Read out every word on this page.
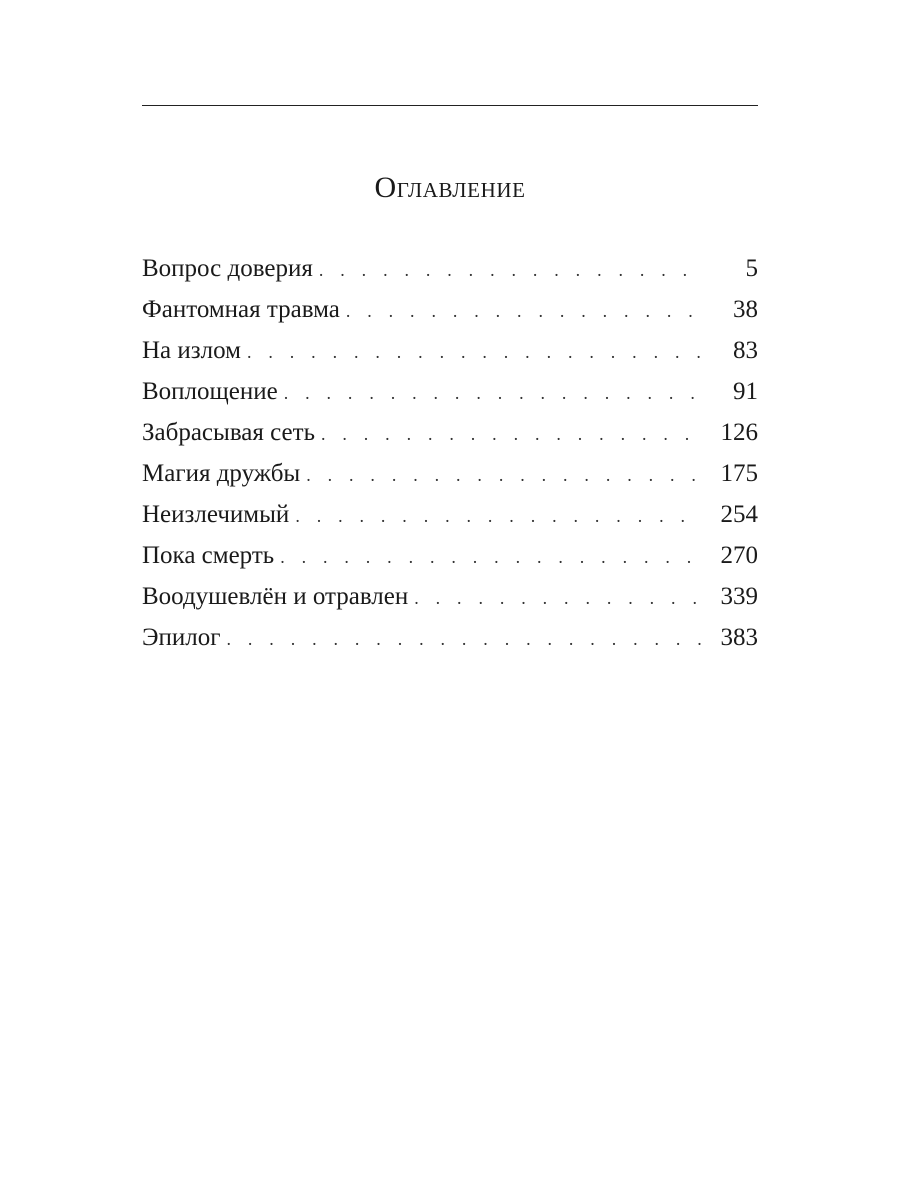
Оглавление
Вопрос доверия . . .	5
Фантомная травма . . .	38
На излом . . .	83
Воплощение . . .	91
Забрасывая сеть . . .	126
Магия дружбы . . .	175
Неизлечимый . . .	254
Пока смерть . . .	270
Воодушевлён и отравлен . . .	339
Эпилог . . .	383
